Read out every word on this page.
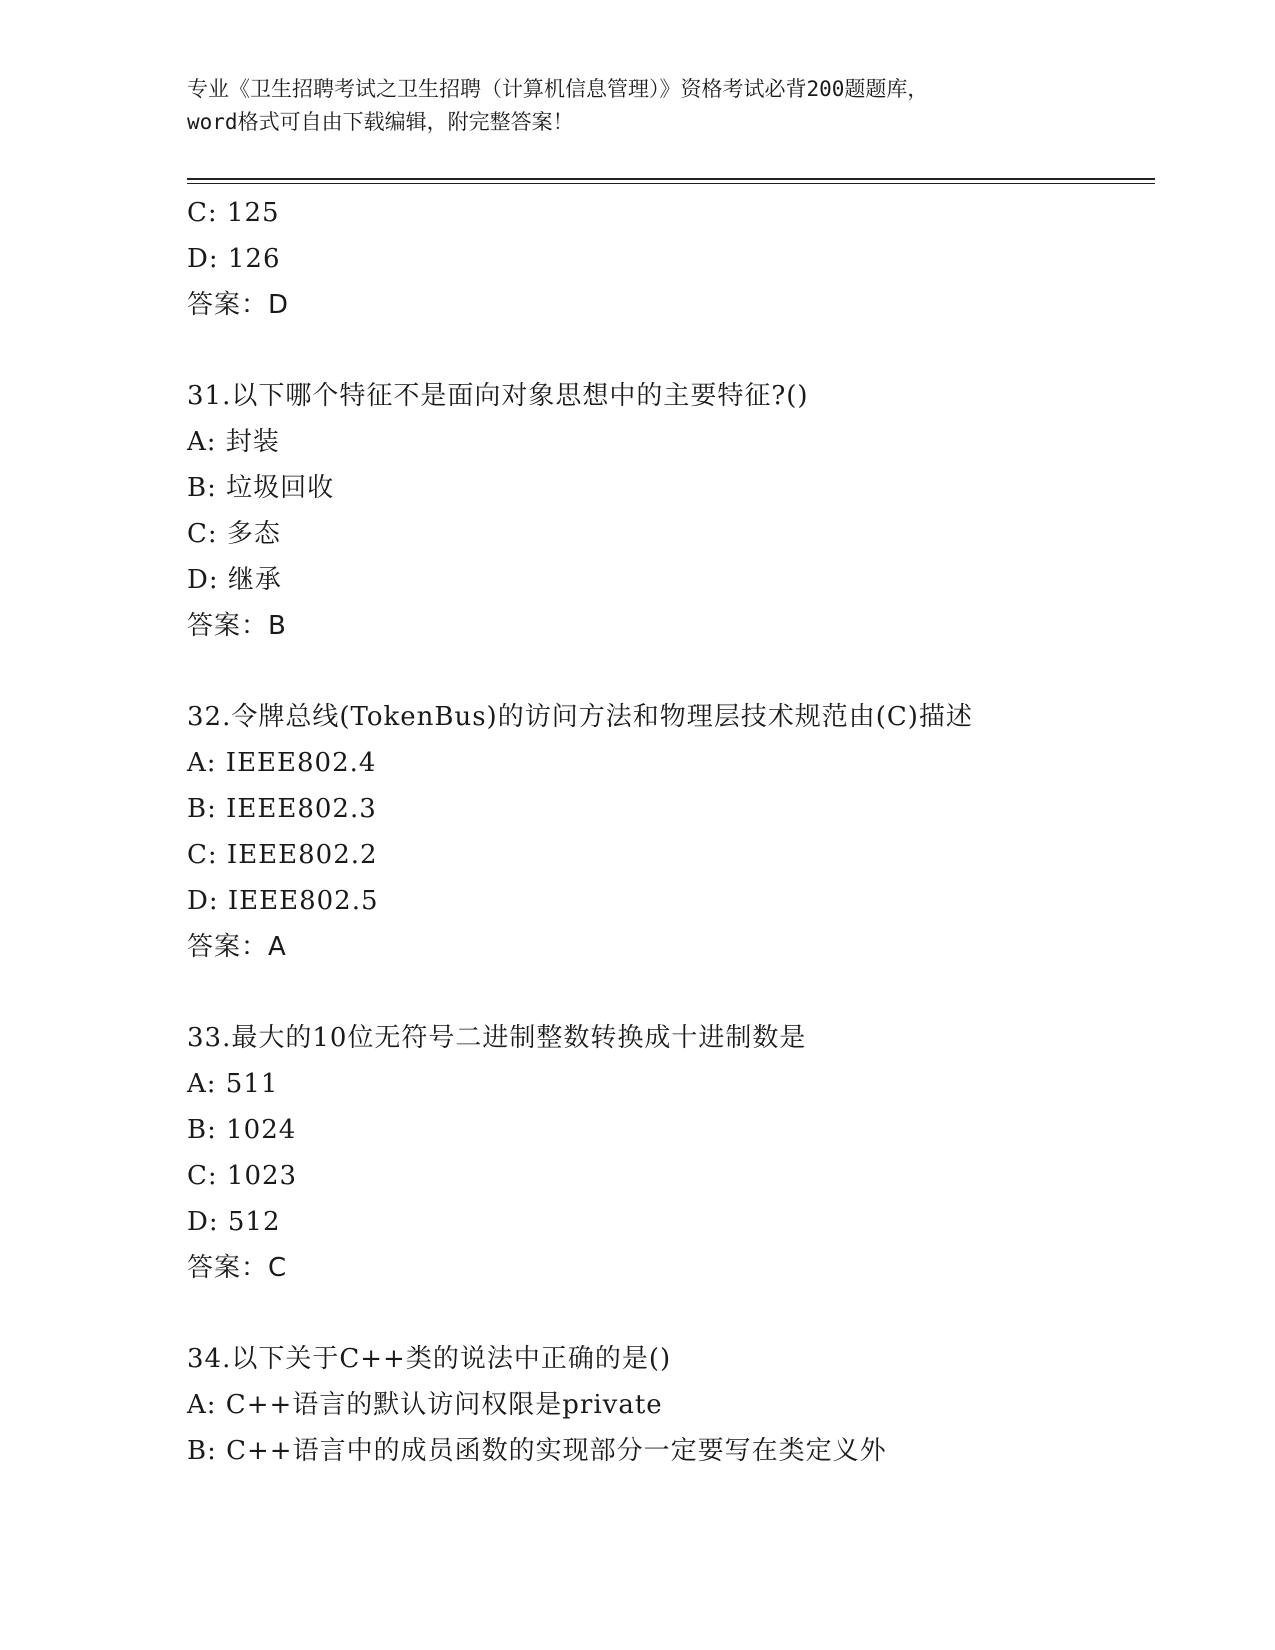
专业《卫生招聘考试之卫生招聘（计算机信息管理）》资格考试必背200题题库，
word格式可自由下载编辑，附完整答案！
C: 125
D: 126
答案：D
31.以下哪个特征不是面向对象思想中的主要特征?()
A: 封装
B: 垃圾回收
C: 多态
D: 继承
答案：B
32.令牌总线(TokenBus)的访问方法和物理层技术规范由(C)描述
A: IEEE802.4
B: IEEE802.3
C: IEEE802.2
D: IEEE802.5
答案：A
33.最大的10位无符号二进制整数转换成十进制数是
A: 511
B: 1024
C: 1023
D: 512
答案：C
34.以下关于C++类的说法中正确的是()
A: C++语言的默认访问权限是private
B: C++语言中的成员函数的实现部分一定要写在类定义外
